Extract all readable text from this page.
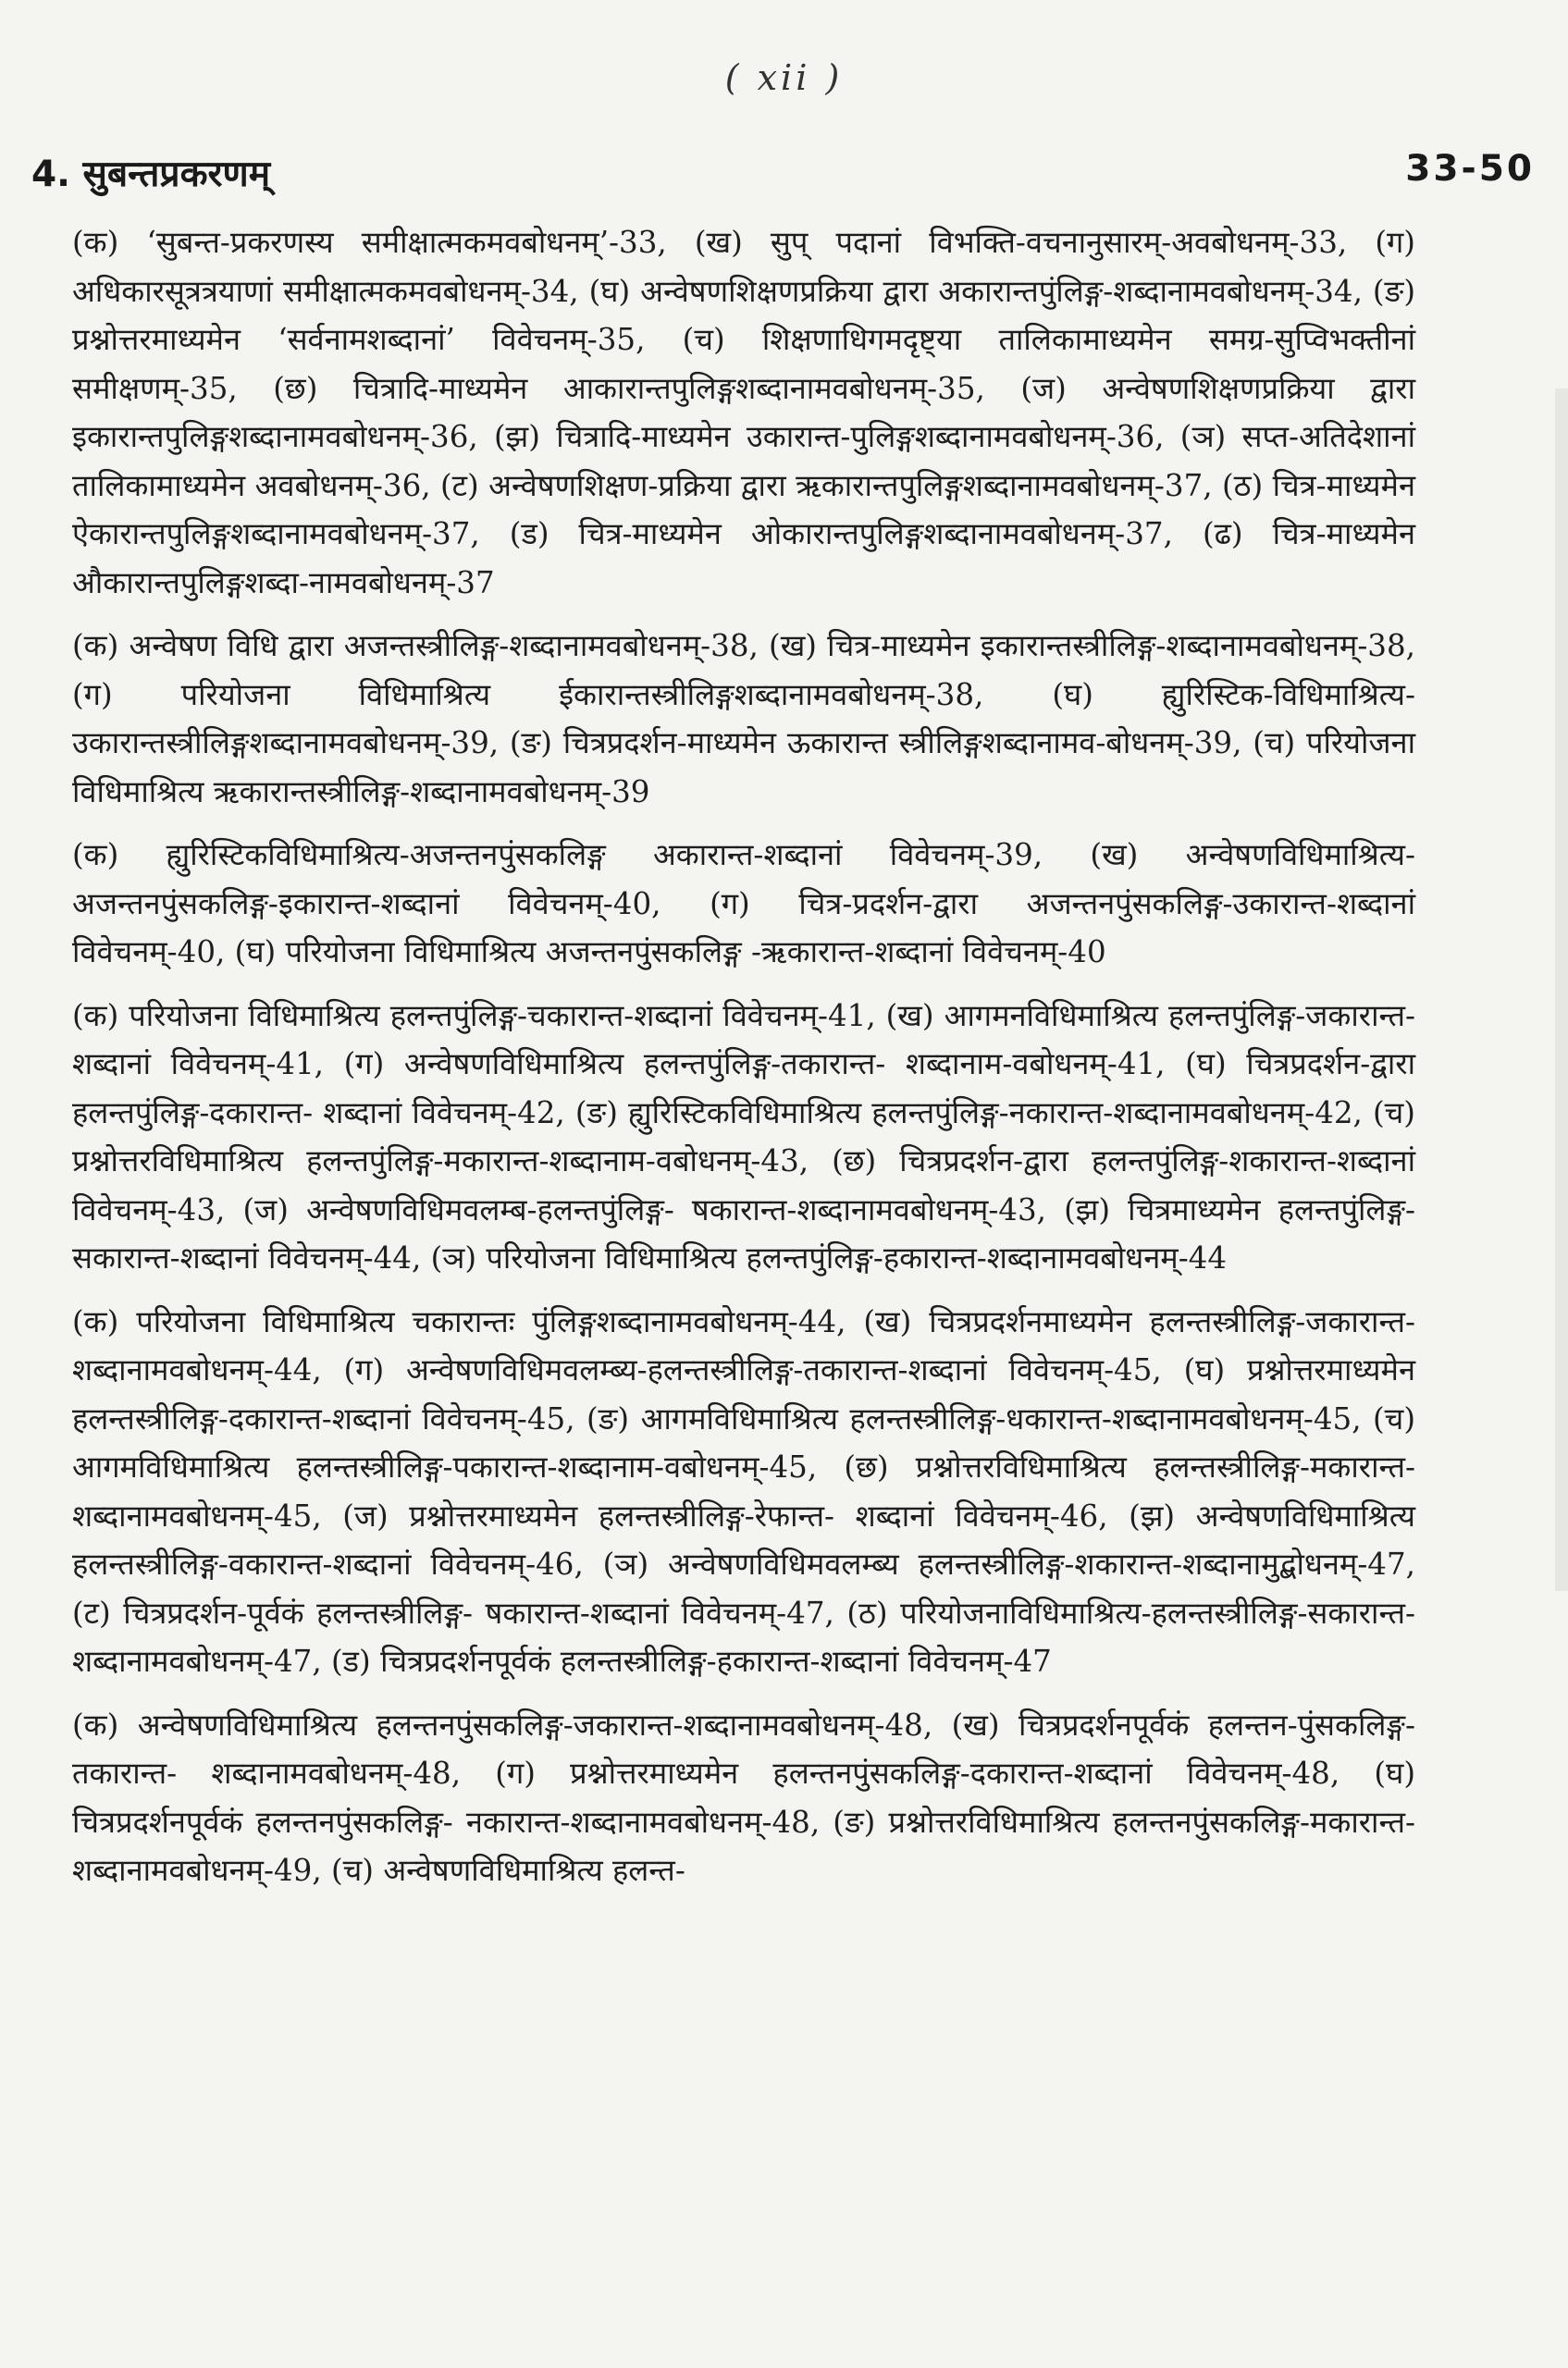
( xii )
4. सुबन्तप्रकरणम्	33-50

(क) ‘सुबन्त-प्रकरणस्य समीक्षात्मकमवबोधनम्’-33, (ख) सुप् पदानां विभक्ति-वचनानुसारम्-अवबोधनम्-33, (ग) अधिकारसूत्रत्रयाणां समीक्षात्मकमवबोधनम्-34, (घ) अन्वेषणशिक्षणप्रक्रिया द्वारा अकारान्तपुंलिङ्ग-शब्दानामवबोधनम्-34, (ङ) प्रश्नोत्तरमाध्यमेन ‘सर्वनामशब्दानां’ विवेचनम्-35, (च) शिक्षणाधिगमदृष्ट्या तालिकामाध्यमेन समग्र-सुप्विभक्तीनां समीक्षणम्-35, (छ) चित्रादि-माध्यमेन आकारान्तपुलिङ्गशब्दानामवबोधनम्-35, (ज) अन्वेषणशिक्षणप्रक्रिया द्वारा इकारान्तपुलिङ्गशब्दानामवबोधनम्-36, (झ) चित्रादि-माध्यमेन उकारान्त-पुलिङ्गशब्दानामवबोधनम्-36, (ञ) सप्त-अतिदेशानां तालिकामाध्यमेन अवबोधनम्-36, (ट) अन्वेषणशिक्षण-प्रक्रिया द्वारा ऋकारान्तपुलिङ्गशब्दानामवबोधनम्-37, (ठ) चित्र-माध्यमेन ऐकारान्तपुलिङ्गशब्दानामवबोधनम्-37, (ड) चित्र-माध्यमेन ओकारान्तपुलिङ्गशब्दानामवबोधनम्-37, (ढ) चित्र-माध्यमेन औकारान्तपुलिङ्गशब्दा-नामवबोधनम्-37

(क) अन्वेषण विधि द्वारा अजन्तस्त्रीलिङ्ग-शब्दानामवबोधनम्-38, (ख) चित्र-माध्यमेन इकारान्तस्त्रीलिङ्ग-शब्दानामवबोधनम्-38, (ग) परियोजना विधिमाश्रित्य ईकारान्तस्त्रीलिङ्गशब्दानामवबोधनम्-38, (घ) ह्युरिस्टिक-विधिमाश्रित्य-उकारान्तस्त्रीलिङ्गशब्दानामवबोधनम्-39, (ङ) चित्रप्रदर्शन-माध्यमेन ऊकारान्त स्त्रीलिङ्गशब्दानामव-बोधनम्-39, (च) परियोजना विधिमाश्रित्य ऋकारान्तस्त्रीलिङ्ग-शब्दानामवबोधनम्-39

(क) ह्युरिस्टिकविधिमाश्रित्य-अजन्तनपुंसकलिङ्ग अकारान्त-शब्दानां विवेचनम्-39, (ख) अन्वेषणविधिमाश्रित्य-अजन्तनपुंसकलिङ्ग-इकारान्त-शब्दानां विवेचनम्-40, (ग) चित्र-प्रदर्शन-द्वारा अजन्तनपुंसकलिङ्ग-उकारान्त-शब्दानां विवेचनम्-40, (घ) परियोजना विधिमाश्रित्य अजन्तनपुंसकलिङ्ग -ऋकारान्त-शब्दानां विवेचनम्-40

(क) परियोजना विधिमाश्रित्य हलन्तपुंलिङ्ग-चकारान्त-शब्दानां विवेचनम्-41, (ख) आगमनविधिमाश्रित्य हलन्तपुंलिङ्ग-जकारान्त-शब्दानां विवेचनम्-41, (ग) अन्वेषणविधिमाश्रित्य हलन्तपुंलिङ्ग-तकारान्त- शब्दानाम-वबोधनम्-41, (घ) चित्रप्रदर्शन-द्वारा हलन्तपुंलिङ्ग-दकारान्त- शब्दानां विवेचनम्-42, (ङ) ह्युरिस्टिकविधिमाश्रित्य हलन्तपुंलिङ्ग-नकारान्त-शब्दानामवबोधनम्-42, (च) प्रश्नोत्तरविधिमाश्रित्य हलन्तपुंलिङ्ग-मकारान्त-शब्दानाम-वबोधनम्-43, (छ) चित्रप्रदर्शन-द्वारा हलन्तपुंलिङ्ग-शकारान्त-शब्दानां विवेचनम्-43, (ज) अन्वेषणविधिमवलम्ब-हलन्तपुंलिङ्ग- षकारान्त-शब्दानामवबोधनम्-43, (झ) चित्रमाध्यमेन हलन्तपुंलिङ्ग-सकारान्त-शब्दानां विवेचनम्-44, (ञ) परियोजना विधिमाश्रित्य हलन्तपुंलिङ्ग-हकारान्त-शब्दानामवबोधनम्-44

(क) परियोजना विधिमाश्रित्य चकारान्तः पुंलिङ्गशब्दानामवबोधनम्-44, (ख) चित्रप्रदर्शनमाध्यमेन हलन्तस्त्रीलिङ्ग-जकारान्त-शब्दानामवबोधनम्-44, (ग) अन्वेषणविधिमवलम्ब्य-हलन्तस्त्रीलिङ्ग-तकारान्त-शब्दानां विवेचनम्-45, (घ) प्रश्नोत्तरमाध्यमेन हलन्तस्त्रीलिङ्ग-दकारान्त-शब्दानां विवेचनम्-45, (ङ) आगमविधिमाश्रित्य हलन्तस्त्रीलिङ्ग-धकारान्त-शब्दानामवबोधनम्-45, (च) आगमविधिमाश्रित्य हलन्तस्त्रीलिङ्ग-पकारान्त-शब्दानाम-वबोधनम्-45, (छ) प्रश्नोत्तरविधिमाश्रित्य हलन्तस्त्रीलिङ्ग-मकारान्त-शब्दानामवबोधनम्-45, (ज) प्रश्नोत्तरमाध्यमेन हलन्तस्त्रीलिङ्ग-रेफान्त- शब्दानां विवेचनम्-46, (झ) अन्वेषणविधिमाश्रित्य हलन्तस्त्रीलिङ्ग-वकारान्त-शब्दानां विवेचनम्-46, (ञ) अन्वेषणविधिमवलम्ब्य हलन्तस्त्रीलिङ्ग-शकारान्त-शब्दानामुद्बोधनम्-47, (ट) चित्रप्रदर्शन-पूर्वकं हलन्तस्त्रीलिङ्ग- षकारान्त-शब्दानां विवेचनम्-47, (ठ) परियोजनाविधिमाश्रित्य-हलन्तस्त्रीलिङ्ग-सकारान्त-शब्दानामवबोधनम्-47, (ड) चित्रप्रदर्शनपूर्वकं हलन्तस्त्रीलिङ्ग-हकारान्त-शब्दानां विवेचनम्-47

(क) अन्वेषणविधिमाश्रित्य हलन्तनपुंसकलिङ्ग-जकारान्त-शब्दानामवबोधनम्-48, (ख) चित्रप्रदर्शनपूर्वकं हलन्तन-पुंसकलिङ्ग-तकारान्त- शब्दानामवबोधनम्-48, (ग) प्रश्नोत्तरमाध्यमेन हलन्तनपुंसकलिङ्ग-दकारान्त-शब्दानां विवेचनम्-48, (घ) चित्रप्रदर्शनपूर्वकं हलन्तनपुंसकलिङ्ग- नकारान्त-शब्दानामवबोधनम्-48, (ङ) प्रश्नोत्तरविधिमाश्रित्य हलन्तनपुंसकलिङ्ग-मकारान्त-शब्दानामवबोधनम्-49, (च) अन्वेषणविधिमाश्रित्य हलन्त-
